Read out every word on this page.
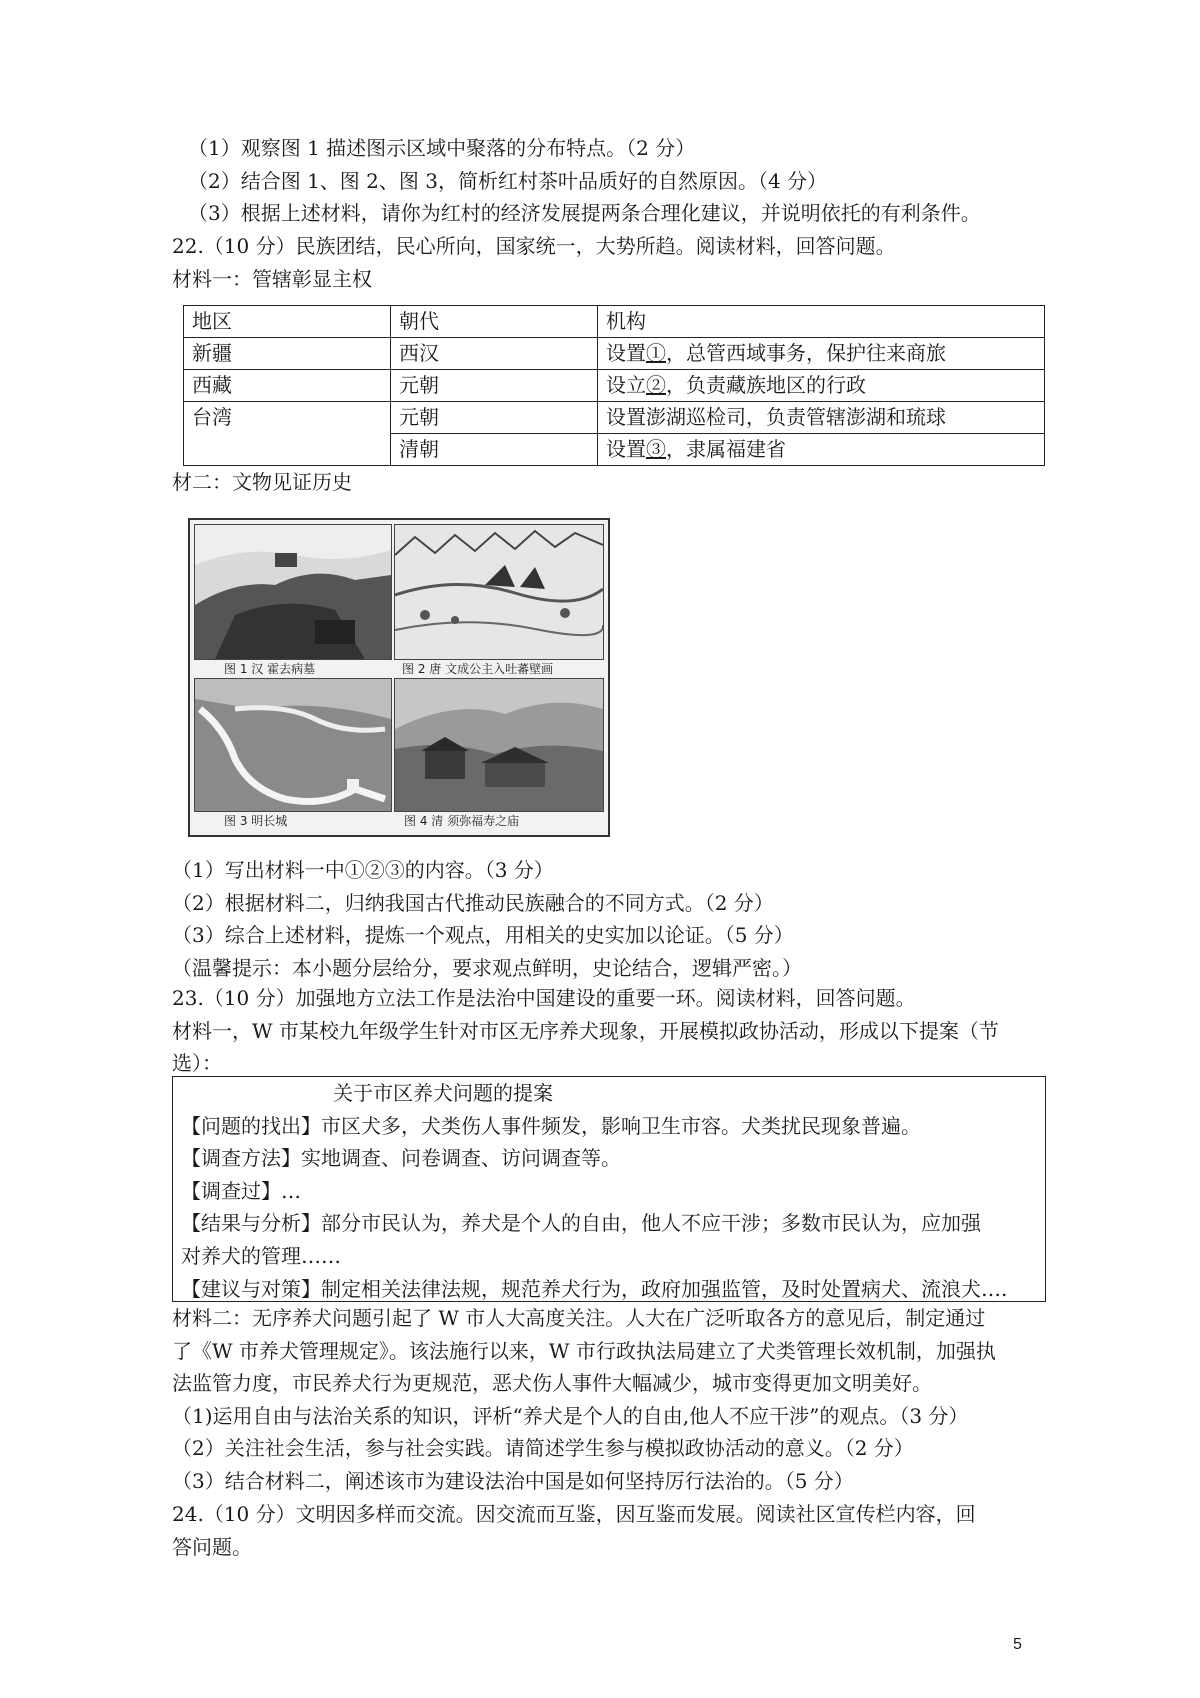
（1）观察图 1 描述图示区域中聚落的分布特点。（2 分）
（2）结合图 1、图 2、图 3，简析红村茶叶品质好的自然原因。（4 分）
（3）根据上述材料，请你为红村的经济发展提两条合理化建议，并说明依托的有利条件。
22.（10 分）民族团结，民心所向，国家统一，大势所趋。阅读材料，回答问题。
材料一：管辖彰显主权
地区	朝代	机构
新疆	西汉	设置①，总管西域事务，保护往来商旅
西藏	元朝	设立②，负责藏族地区的行政
台湾	元朝	设置澎湖巡检司，负责管辖澎湖和琉球
	清朝	设置③，隶属福建省
材二：文物见证历史
图 1 汉 霍去病墓	图 2 唐 文成公主入吐蕃壁画
图 3 明长城	图 4 清 须弥福寿之庙
（1）写出材料一中①②③的内容。（3 分）
（2）根据材料二，归纳我国古代推动民族融合的不同方式。（2 分）
（3）综合上述材料，提炼一个观点，用相关的史实加以论证。（5 分）
（温馨提示：本小题分层给分，要求观点鲜明，史论结合，逻辑严密。）
23.（10 分）加强地方立法工作是法治中国建设的重要一环。阅读材料，回答问题。
材料一，W 市某校九年级学生针对市区无序养犬现象，开展模拟政协活动，形成以下提案（节
选）：
关于市区养犬问题的提案
【问题的找出】市区犬多，犬类伤人事件频发，影响卫生市容。犬类扰民现象普遍。
【调查方法】实地调查、问卷调查、访问调查等。
【调查过】…
【结果与分析】部分市民认为，养犬是个人的自由，他人不应干涉；多数市民认为，应加强
对养犬的管理……
【建议与对策】制定相关法律法规，规范养犬行为，政府加强监管，及时处置病犬、流浪犬….
材料二：无序养犬问题引起了 W 市人大高度关注。人大在广泛听取各方的意见后，制定通过
了《W 市养犬管理规定》。该法施行以来，W 市行政执法局建立了犬类管理长效机制，加强执
法监管力度，市民养犬行为更规范，恶犬伤人事件大幅减少，城市变得更加文明美好。
（1)运用自由与法治关系的知识，评析“养犬是个人的自由,他人不应干涉”的观点。（3 分）
（2）关注社会生活，参与社会实践。请简述学生参与模拟政协活动的意义。（2 分）
（3）结合材料二，阐述该市为建设法治中国是如何坚持厉行法治的。（5 分）
24.（10 分）文明因多样而交流。因交流而互鉴，因互鉴而发展。阅读社区宣传栏内容，回
答问题。
5
